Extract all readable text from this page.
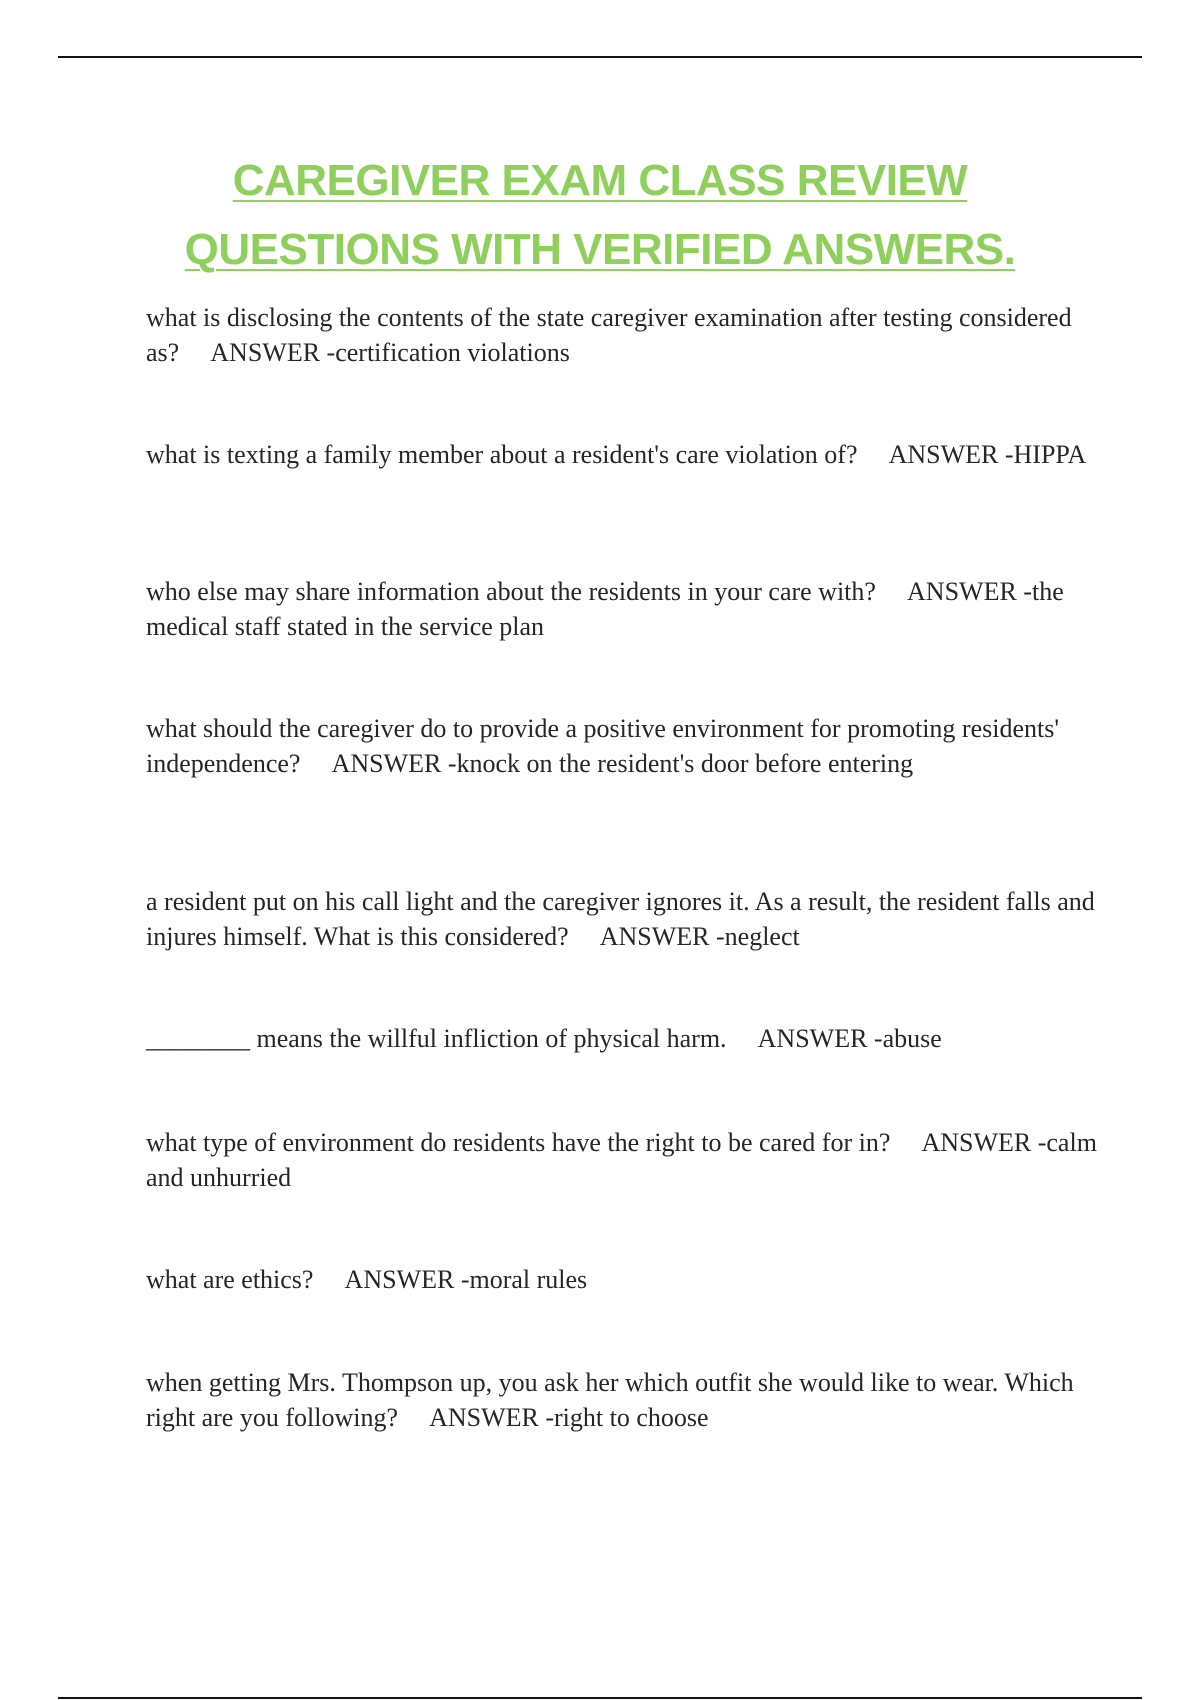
CAREGIVER EXAM CLASS REVIEW
QUESTIONS WITH VERIFIED ANSWERS.

what is disclosing the contents of the state caregiver examination after testing considered as? ANSWER -certification violations

what is texting a family member about a resident's care violation of? ANSWER -HIPPA

who else may share information about the residents in your care with? ANSWER -the medical staff stated in the service plan

what should the caregiver do to provide a positive environment for promoting residents' independence? ANSWER -knock on the resident's door before entering

a resident put on his call light and the caregiver ignores it. As a result, the resident falls and injures himself. What is this considered? ANSWER -neglect

________ means the willful infliction of physical harm. ANSWER -abuse

what type of environment do residents have the right to be cared for in? ANSWER -calm and unhurried

what are ethics? ANSWER -moral rules

when getting Mrs. Thompson up, you ask her which outfit she would like to wear. Which right are you following? ANSWER -right to choose
